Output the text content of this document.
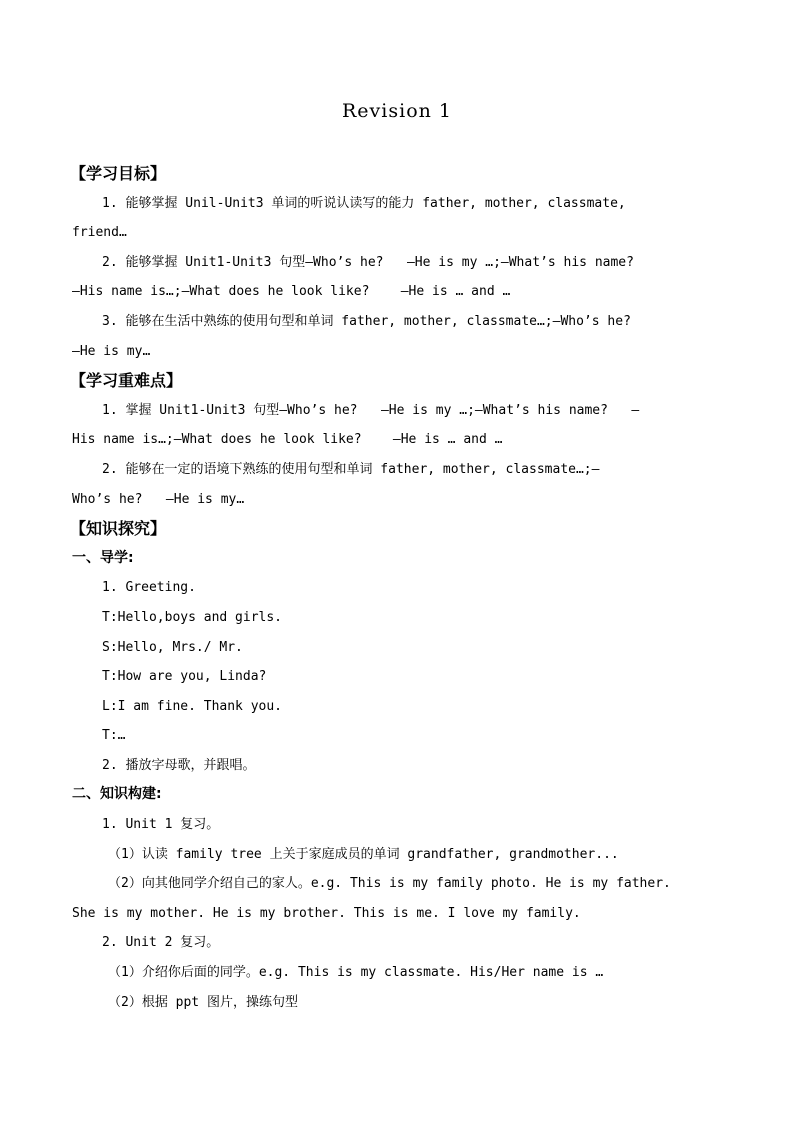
Revision 1
【学习目标】
1. 能够掌握 Unil-Unit3 单词的听说认读写的能力 father, mother, classmate,
friend…
2. 能够掌握 Unit1-Unit3 句型—Who’s he?   —He is my …;—What’s his name?
—His name is…;—What does he look like?    —He is … and …
3. 能够在生活中熟练的使用句型和单词 father, mother, classmate…;—Who’s he?
—He is my…
【学习重难点】
1. 掌握 Unit1-Unit3 句型—Who’s he?   —He is my …;—What’s his name?   —
His name is…;—What does he look like?    —He is … and …
2. 能够在一定的语境下熟练的使用句型和单词 father, mother, classmate…;—
Who’s he?   —He is my…
【知识探究】
一、导学:
1. Greeting.
T:Hello,boys and girls.
S:Hello, Mrs./ Mr.
T:How are you, Linda?
L:I am fine. Thank you.
T:…
2. 播放字母歌，并跟唱。
二、知识构建:
1. Unit 1 复习。
（1）认读 family tree 上关于家庭成员的单词 grandfather, grandmother...
（2）向其他同学介绍自己的家人。e.g. This is my family photo. He is my father.
She is my mother. He is my brother. This is me. I love my family.
2. Unit 2 复习。
（1）介绍你后面的同学。e.g. This is my classmate. His/Her name is …
（2）根据 ppt 图片，操练句型
